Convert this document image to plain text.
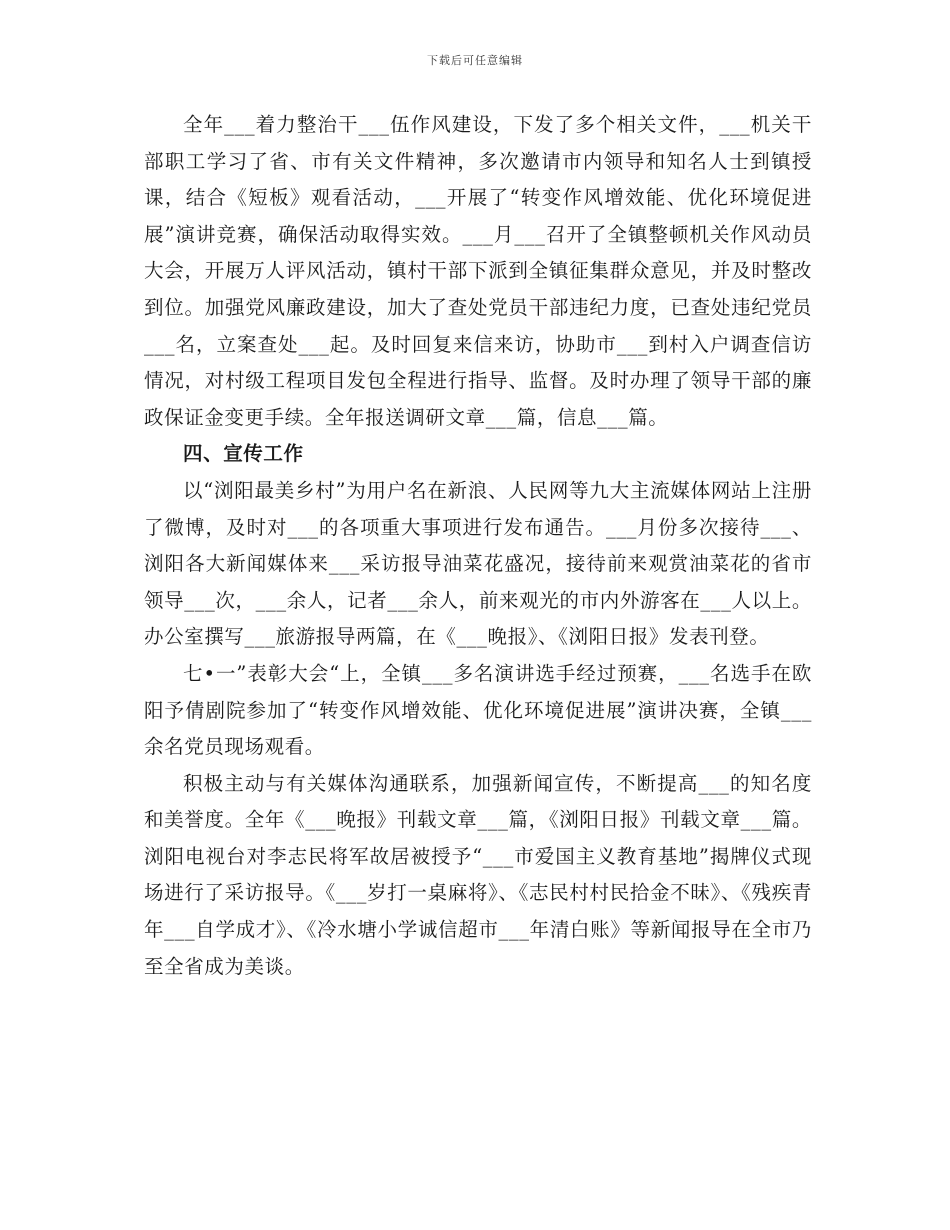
下载后可任意编辑

全年___着力整治干___伍作风建设，下发了多个相关文件，___机关干部职工学习了省、市有关文件精神，多次邀请市内领导和知名人士到镇授课，结合《短板》观看活动，___开展了“转变作风增效能、优化环境促进展”演讲竞赛，确保活动取得实效。___月___召开了全镇整顿机关作风动员大会，开展万人评风活动，镇村干部下派到全镇征集群众意见，并及时整改到位。加强党风廉政建设，加大了查处党员干部违纪力度，已查处违纪党员___名，立案查处___起。及时回复来信来访，协助市___到村入户调查信访情况，对村级工程项目发包全程进行指导、监督。及时办理了领导干部的廉政保证金变更手续。全年报送调研文章___篇，信息___篇。

四、宣传工作

以“浏阳最美乡村”为用户名在新浪、人民网等九大主流媒体网站上注册了微博，及时对___的各项重大事项进行发布通告。___月份多次接待___、浏阳各大新闻媒体来___采访报导油菜花盛况，接待前来观赏油菜花的省市领导___次，___余人，记者___余人，前来观光的市内外游客在___人以上。办公室撰写___旅游报导两篇，在《___晚报》、《浏阳日报》发表刊登。

七•一”表彰大会“上，全镇___多名演讲选手经过预赛，___名选手在欧阳予倩剧院参加了“转变作风增效能、优化环境促进展”演讲决赛，全镇___余名党员现场观看。

积极主动与有关媒体沟通联系，加强新闻宣传，不断提高___的知名度和美誉度。全年《___晚报》刊载文章___篇，《浏阳日报》刊载文章___篇。浏阳电视台对李志民将军故居被授予“___市爱国主义教育基地”揭牌仪式现场进行了采访报导。《___岁打一桌麻将》、《志民村村民拾金不昧》、《残疾青年___自学成才》、《冷水塘小学诚信超市___年清白账》等新闻报导在全市乃至全省成为美谈。
